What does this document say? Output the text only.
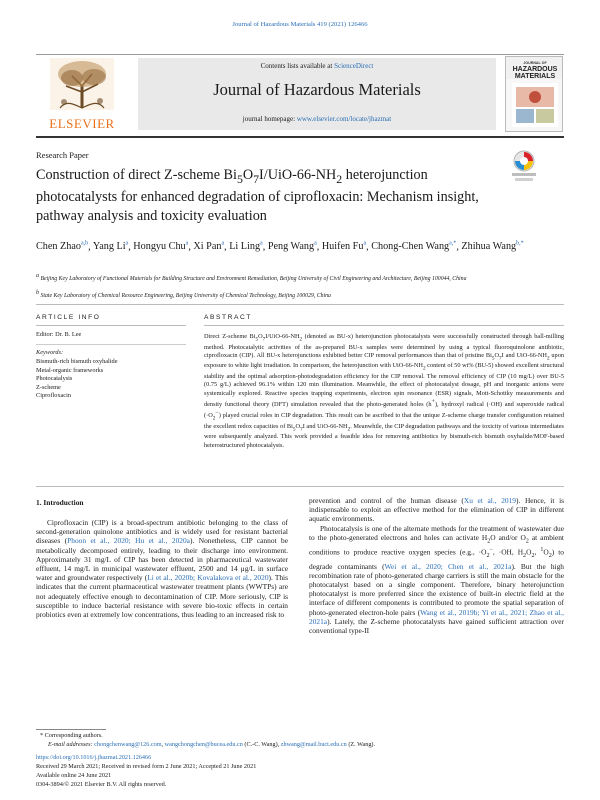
Journal of Hazardous Materials 419 (2021) 126466
ELSEVIER
Contents lists available at ScienceDirect
Journal of Hazardous Materials
journal homepage: www.elsevier.com/locate/jhazmat
JOURNAL OF
HAZARDOUS MATERIALS
Research Paper
Construction of direct Z-scheme $Bi_5O_7I/UiO-66-NH_2$ heterojunction photocatalysts for enhanced degradation of ciprofloxacin: Mechanism insight, pathway analysis and toxicity evaluation
Chen Zhao$^{a,b}$, Yang Li$^a$, Hongyu Chu$^a$, Xi Pan$^a$, Li Ling$^a$, Peng Wang$^a$, Huifen Fu$^a$, Chong-Chen Wang$^{a,*}$, Zhihua Wang$^{b,*}$
$^a$ Beijing Key Laboratory of Functional Materials for Building Structure and Environment Remediation, Beijing University of Civil Engineering and Architecture, Beijing 100044, China
$^b$ State Key Laboratory of Chemical Resource Engineering, Beijing University of Chemical Technology, Beijing 100029, China
ARTICLE INFO
Editor: Dr. B. Lee
Keywords:
Bismuth-rich bismuth oxyhalide
Metal-organic frameworks
Photocatalysis
Z-scheme
Ciprofloxacin
ABSTRACT
Direct Z-scheme $Bi_5O_7I/UiO-66-NH_2$ (denoted as BU-x) heterojunction photocatalysts were successfully constructed through ball-milling method. Photocatalytic activities of the as-prepared BU-x samples were determined by using a typical fluoroquinolone antibiotic, ciprofloxacin (CIP). All BU-x heterojunctions exhibited better CIP removal performances than that of pristine $Bi_5O_7I$ and UiO-$66-NH_2$ upon exposure to white light irradiation. In comparison, the heterojunction with UiO-$66-NH_2$ content of 50 wt% (BU-5) showed excellent structural stability and the optimal adsorption-photodegradation efficiency for the CIP removal. The removal efficiency of CIP (10 mg/L) over BU-5 (0.75 g/L) achieved 96.1% within 120 min illumination. Meanwhile, the effect of photocatalyst dosage, pH and inorganic anions were systemically explored. Reactive species trapping experiments, electron spin resonance (ESR) signals, Mott-Schottky measurements and density functional theory (DFT) simulation revealed that the photo-generated holes (h+), hydroxyl radical (·OH) and superoxide radical $(\cdot O_2^-)$ played crucial roles in CIP degradation. This result can be ascribed to that the unique Z-scheme charge transfer configuration retained the excellent redox capacities of $Bi_5O_7I$ and UiO-$66-NH_2$. Meanwhile, the CIP degradation pathways and the toxicity of various intermediates were subsequently analyzed. This work provided a feasible idea for removing antibiotics by bismuth-rich bismuth oxyhalide/MOF-based heterostructured photocatalysts.
1. Introduction

Ciprofloxacin (CIP) is a broad-spectrum antibiotic belonging to the class of second-generation quinolone antibiotics and is widely used for resistant bacterial diseases (Phoon et al., 2020; Hu et al., 2020a). Nonetheless, CIP cannot be metabolically decomposed entirely, leading to their discharge into environment. Approximately 31 mg/L of CIP has been detected in pharmaceutical wastewater effluent, 14 mg/L in municipal wastewater effluent, 2500 and 14 μg/L in surface water and groundwater respectively (Li et al., 2020b; Kovalakova et al., 2020). This indicates that the current pharmaceutical wastewater treatment plants (WWTPs) are not adequately effective enough to decontamination of CIP. More seriously, CIP is susceptible to induce bacterial resistance with severe bio-toxic effects in certain probiotics even at extremely low concentrations, thus leading to an increased risk to

prevention and control of the human disease (Xu et al., 2019). Hence, it is indispensable to exploit an effective method for the elimination of CIP in different aquatic environments.

Photocatalysis is one of the alternate methods for the treatment of wastewater due to the photo-generated electrons and holes can activate $H_2O$ and/or $O_2$ at ambient conditions to produce reactive oxygen species (e.g., $\cdot O_2^-$, ·OH, $H_2O_2$, $^1O_2$) to degrade contaminants (Wei et al., 2020; Chen et al., 2021a). But the high recombination rate of photo-generated charge carriers is still the main obstacle for the photocatalyst based on a single component. Therefore, binary heterojunction photocatalyst is more preferred since the existence of built-in electric field at the interface of different components is contributed to promote the spatial separation of photo-generated electron-hole pairs (Wang et al., 2019b; Yi et al., 2021; Zhao et al., 2021a). Lately, the Z-scheme photocatalysts have gained sufficient attraction over conventional type-II

* Corresponding authors.
E-mail addresses: chongchenwang@126.com, wangchongchen@bucea.edu.cn (C.-C. Wang), zhwang@mail.buct.edu.cn (Z. Wang).
https://doi.org/10.1016/j.jhazmat.2021.126466
Received 29 March 2021; Received in revised form 2 June 2021; Accepted 21 June 2021
Available online 24 June 2021
0304-3894/© 2021 Elsevier B.V. All rights reserved.
